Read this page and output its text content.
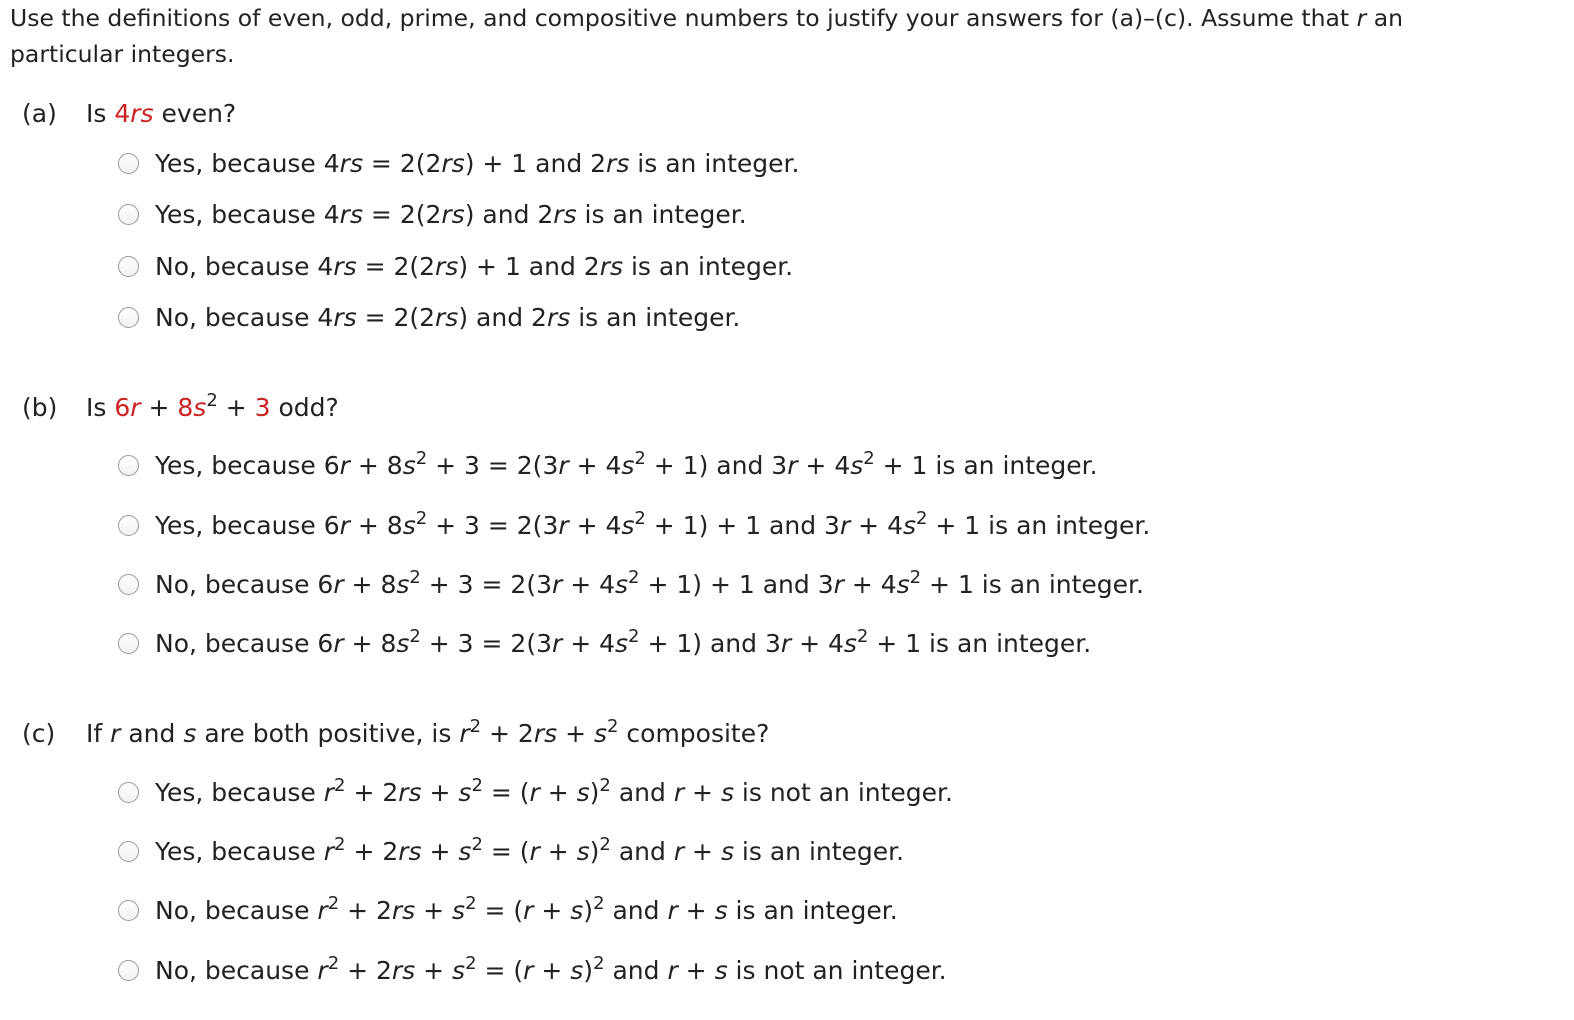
Use the definitions of even, odd, prime, and compositive numbers to justify your answers for (a)–(c). Assume that r an
particular integers.
(a) Is 4rs even?
Yes, because 4rs = 2(2rs) + 1 and 2rs is an integer.
Yes, because 4rs = 2(2rs) and 2rs is an integer.
No, because 4rs = 2(2rs) + 1 and 2rs is an integer.
No, because 4rs = 2(2rs) and 2rs is an integer.
(b) Is $6r + 8s^2 + 3$ odd?
Yes, because $6r + 8s^2 + 3 = 2(3r + 4s^2 + 1)$ and $3r + 4s^2 + 1$ is an integer.
Yes, because $6r + 8s^2 + 3 = 2(3r + 4s^2 + 1) + 1$ and $3r + 4s^2 + 1$ is an integer.
No, because $6r + 8s^2 + 3 = 2(3r + 4s^2 + 1) + 1$ and $3r + 4s^2 + 1$ is an integer.
No, because $6r + 8s^2 + 3 = 2(3r + 4s^2 + 1)$ and $3r + 4s^2 + 1$ is an integer.
(c) If r and s are both positive, is $r^2 + 2rs + s^2$ composite?
Yes, because $r^2 + 2rs + s^2 = (r + s)^2$ and r + s is not an integer.
Yes, because $r^2 + 2rs + s^2 = (r + s)^2$ and r + s is an integer.
No, because $r^2 + 2rs + s^2 = (r + s)^2$ and r + s is an integer.
No, because $r^2 + 2rs + s^2 = (r + s)^2$ and r + s is not an integer.
